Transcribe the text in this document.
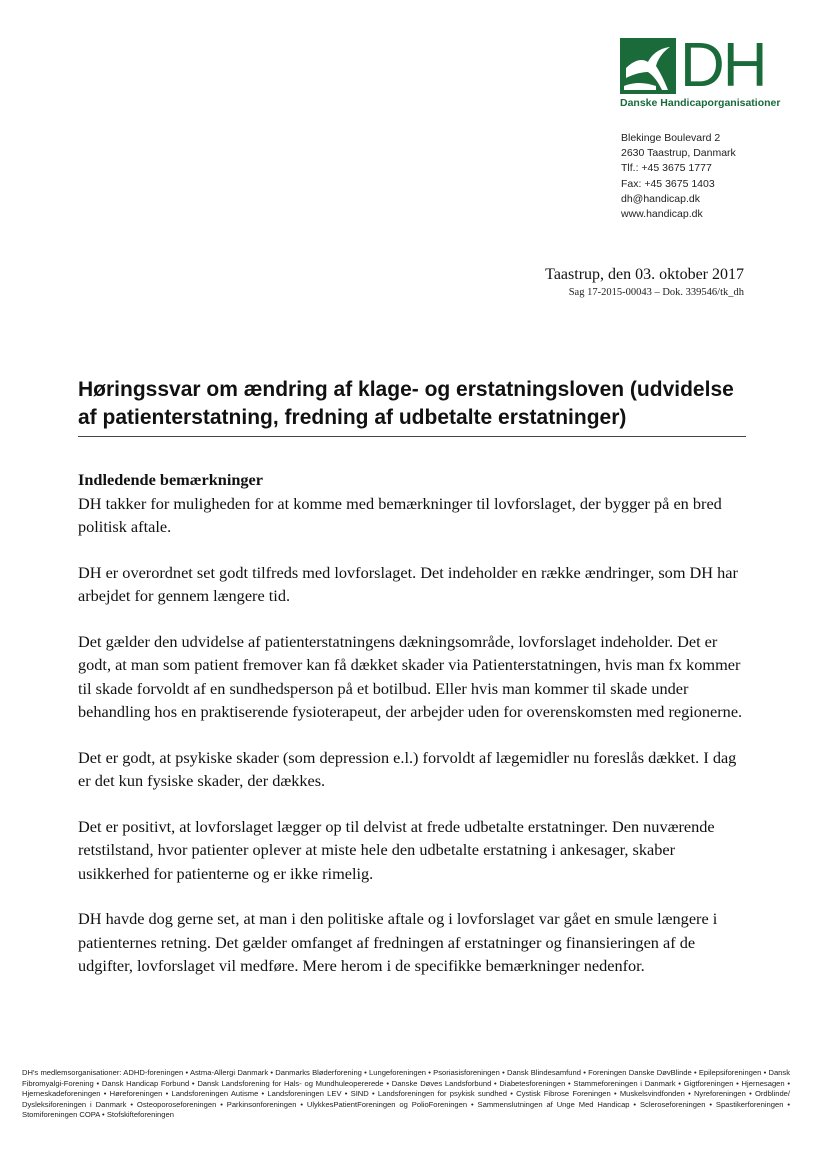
DH
Danske Handicaporganisationer
Blekinge Boulevard 2
2630 Taastrup, Danmark
Tlf.: +45 3675 1777
Fax: +45 3675 1403
dh@handicap.dk
www.handicap.dk
Taastrup, den 03. oktober 2017
Sag 17-2015-00043 – Dok. 339546/tk_dh
Høringssvar om ændring af klage- og erstatningsloven (udvidelse af patienterstatning, fredning af udbetalte erstatninger)
Indledende bemærkninger

DH takker for muligheden for at komme med bemærkninger til lovforslaget, der bygger på en bred politisk aftale.

DH er overordnet set godt tilfreds med lovforslaget. Det indeholder en række ændringer, som DH har arbejdet for gennem længere tid.

Det gælder den udvidelse af patienterstatningens dækningsområde, lovforslaget indeholder. Det er godt, at man som patient fremover kan få dækket skader via Patienterstatningen, hvis man fx kommer til skade forvoldt af en sundhedsperson på et botilbud. Eller hvis man kommer til skade under behandling hos en praktiserende fysioterapeut, der arbejder uden for overenskomsten med regionerne.

Det er godt, at psykiske skader (som depression e.l.) forvoldt af lægemidler nu foreslås dækket. I dag er det kun fysiske skader, der dækkes.

Det er positivt, at lovforslaget lægger op til delvist at frede udbetalte erstatninger. Den nuværende retstilstand, hvor patienter oplever at miste hele den udbetalte erstatning i ankesager, skaber usikkerhed for patienterne og er ikke rimelig.

DH havde dog gerne set, at man i den politiske aftale og i lovforslaget var gået en smule længere i patienternes retning. Det gælder omfanget af fredningen af erstatninger og finansieringen af de udgifter, lovforslaget vil medføre. Mere herom i de specifikke bemærkninger nedenfor.

DH's medlemsorganisationer: ADHD-foreningen • Astma-Allergi Danmark • Danmarks Bløderforening • Lungeforeningen • Psoriasisforeningen • Dansk Blindesamfund • Foreningen Danske DøvBlinde • Epilepsiforeningen • Dansk Fibromyalgi-Forening • Dansk Handicap Forbund • Dansk Landsforening for Hals- og Mundhuleopererede • Danske Døves Landsforbund • Diabetesforeningen • Stammeforeningen i Danmark • Gigtforeningen • Hjernesagen • Hjerneskadeforeningen • Høreforeningen • Landsforeningen Autisme • Landsforeningen LEV • SIND • Landsforeningen for psykisk sundhed • Cystisk Fibrose Foreningen • Muskelsvindfonden • Nyreforeningen • Ordblinde/ Dysleksiforeningen i Danmark • Osteoporoseforeningen • Parkinsonforeningen • UlykkesPatientForeningen og PolioForeningen • Sammenslutningen af Unge Med Handicap • Scleroseforeningen • Spastikerforeningen • Stomiforeningen COPA • Stofskifteforeningen
